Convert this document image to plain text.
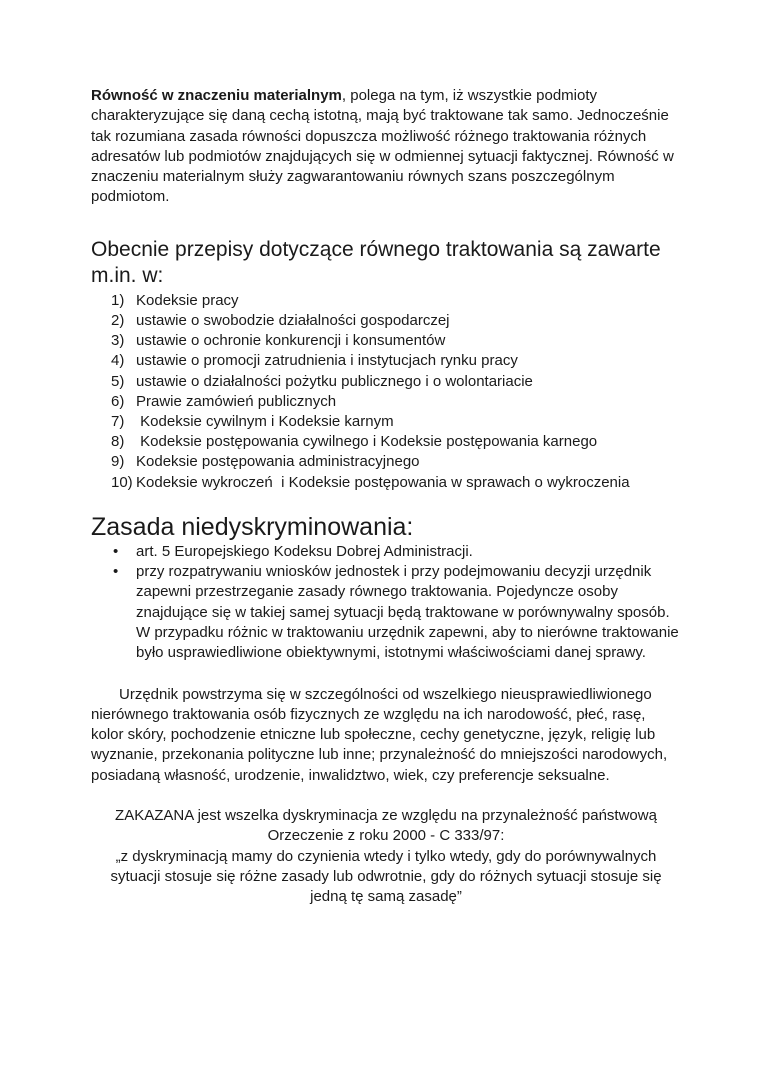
Równość w znaczeniu materialnym, polega na tym, iż wszystkie podmioty charakteryzujące się daną cechą istotną, mają być traktowane tak samo. Jednocześnie tak rozumiana zasada równości dopuszcza możliwość różnego traktowania różnych adresatów lub podmiotów znajdujących się w odmiennej sytuacji faktycznej. Równość w znaczeniu materialnym służy zagwarantowaniu równych szans poszczególnym podmiotom.

Obecnie przepisy dotyczące równego traktowania są zawarte m.in. w:
1) Kodeksie pracy
2) ustawie o swobodzie działalności gospodarczej
3) ustawie o ochronie konkurencji i konsumentów
4) ustawie o promocji zatrudnienia i instytucjach rynku pracy
5) ustawie o działalności pożytku publicznego i o wolontariacie
6) Prawie zamówień publicznych
7) Kodeksie cywilnym i Kodeksie karnym
8) Kodeksie postępowania cywilnego i Kodeksie postępowania karnego
9) Kodeksie postępowania administracyjnego
10) Kodeksie wykroczeń  i Kodeksie postępowania w sprawach o wykroczenia
Zasada niedyskryminowania:
•	art. 5 Europejskiego Kodeksu Dobrej Administracji.
•	przy rozpatrywaniu wniosków jednostek i przy podejmowaniu decyzji urzędnik zapewni przestrzeganie zasady równego traktowania. Pojedyncze osoby znajdujące się w takiej samej sytuacji będą traktowane w porównywalny sposób. W przypadku różnic w traktowaniu urzędnik zapewni, aby to nierówne traktowanie było usprawiedliwione obiektywnymi, istotnymi właściwościami danej sprawy.

Urzędnik powstrzyma się w szczególności od wszelkiego nieusprawiedliwionego nierównego traktowania osób fizycznych ze względu na ich narodowość, płeć, rasę, kolor skóry, pochodzenie etniczne lub społeczne, cechy genetyczne, język, religię lub wyznanie, przekonania polityczne lub inne; przynależność do mniejszości narodowych, posiadaną własność, urodzenie, inwalidztwo, wiek, czy preferencje seksualne.

ZAKAZANA jest wszelka dyskryminacja ze względu na przynależność państwową

Orzeczenie z roku 2000 - C 333/97:

„z dyskryminacją mamy do czynienia wtedy i tylko wtedy, gdy do porównywalnych sytuacji stosuje się różne zasady lub odwrotnie, gdy do różnych sytuacji stosuje się jedną tę samą zasadę”
